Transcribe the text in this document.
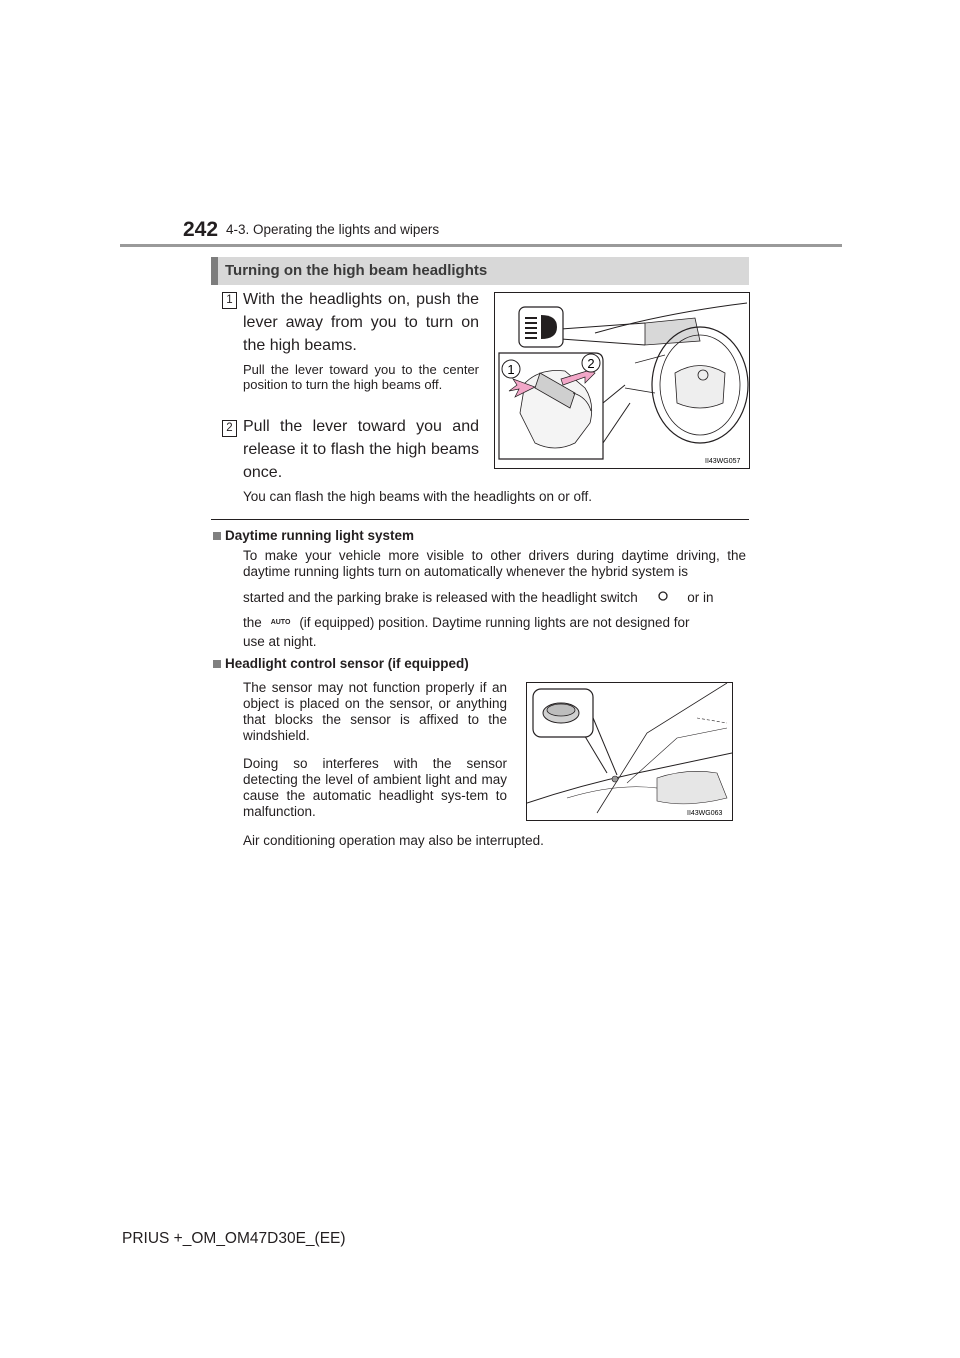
242 4-3. Operating the lights and wipers
Turning on the high beam headlights
1 With the headlights on, push the lever away from you to turn on the high beams.
Pull the lever toward you to the center position to turn the high beams off.
2 Pull the lever toward you and release it to flash the high beams once.
You can flash the high beams with the headlights on or off.
1	2
II43WG057
Daytime running light system
To make your vehicle more visible to other drivers during daytime driving, the daytime running lights turn on automatically whenever the hybrid system is
started and the parking brake is released with the headlight switch	or in
the AUTO (if equipped) position. Daytime running lights are not designed for
use at night.
Headlight control sensor (if equipped)
The sensor may not function properly if an object is placed on the sensor, or anything that blocks the sensor is affixed to the windshield.
Doing so interferes with the sensor detecting the level of ambient light and may cause the automatic headlight sys-tem to malfunction.
Air conditioning operation may also be interrupted.
II43WG063
PRIUS +_OM_OM47D30E_(EE)
